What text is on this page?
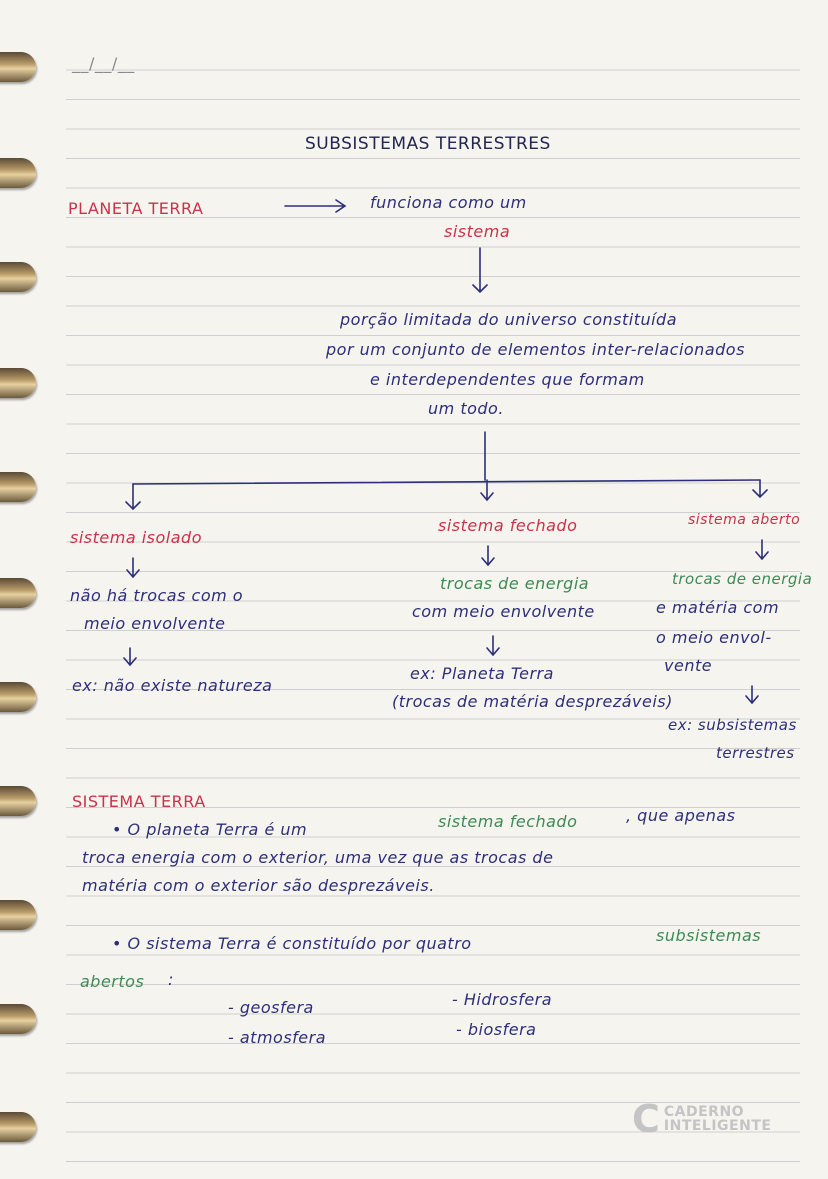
__/__/__
SUBSISTEMAS TERRESTRES
PLANETA TERRA	funciona como um
sistema
porção limitada do universo constituída
por um conjunto de elementos inter-relacionados
e interdependentes que formam
um todo.
sistema isolado
não há trocas com o
meio envolvente
ex: não existe natureza
sistema fechado
trocas de energia
com meio envolvente
ex: Planeta Terra
(trocas de matéria desprezáveis)
sistema aberto
trocas de energia
e matéria com
o meio envol-
vente
ex: subsistemas
terrestres
SISTEMA TERRA
• O planeta Terra é um	sistema fechado	, que apenas
troca energia com o exterior, uma vez que as trocas de
matéria com o exterior são desprezáveis.
• O sistema Terra é constituído por quatro	subsistemas
abertos :
- geosfera
- atmosfera
- Hidrosfera
- biosfera
C CADERNO
INTELIGENTE
